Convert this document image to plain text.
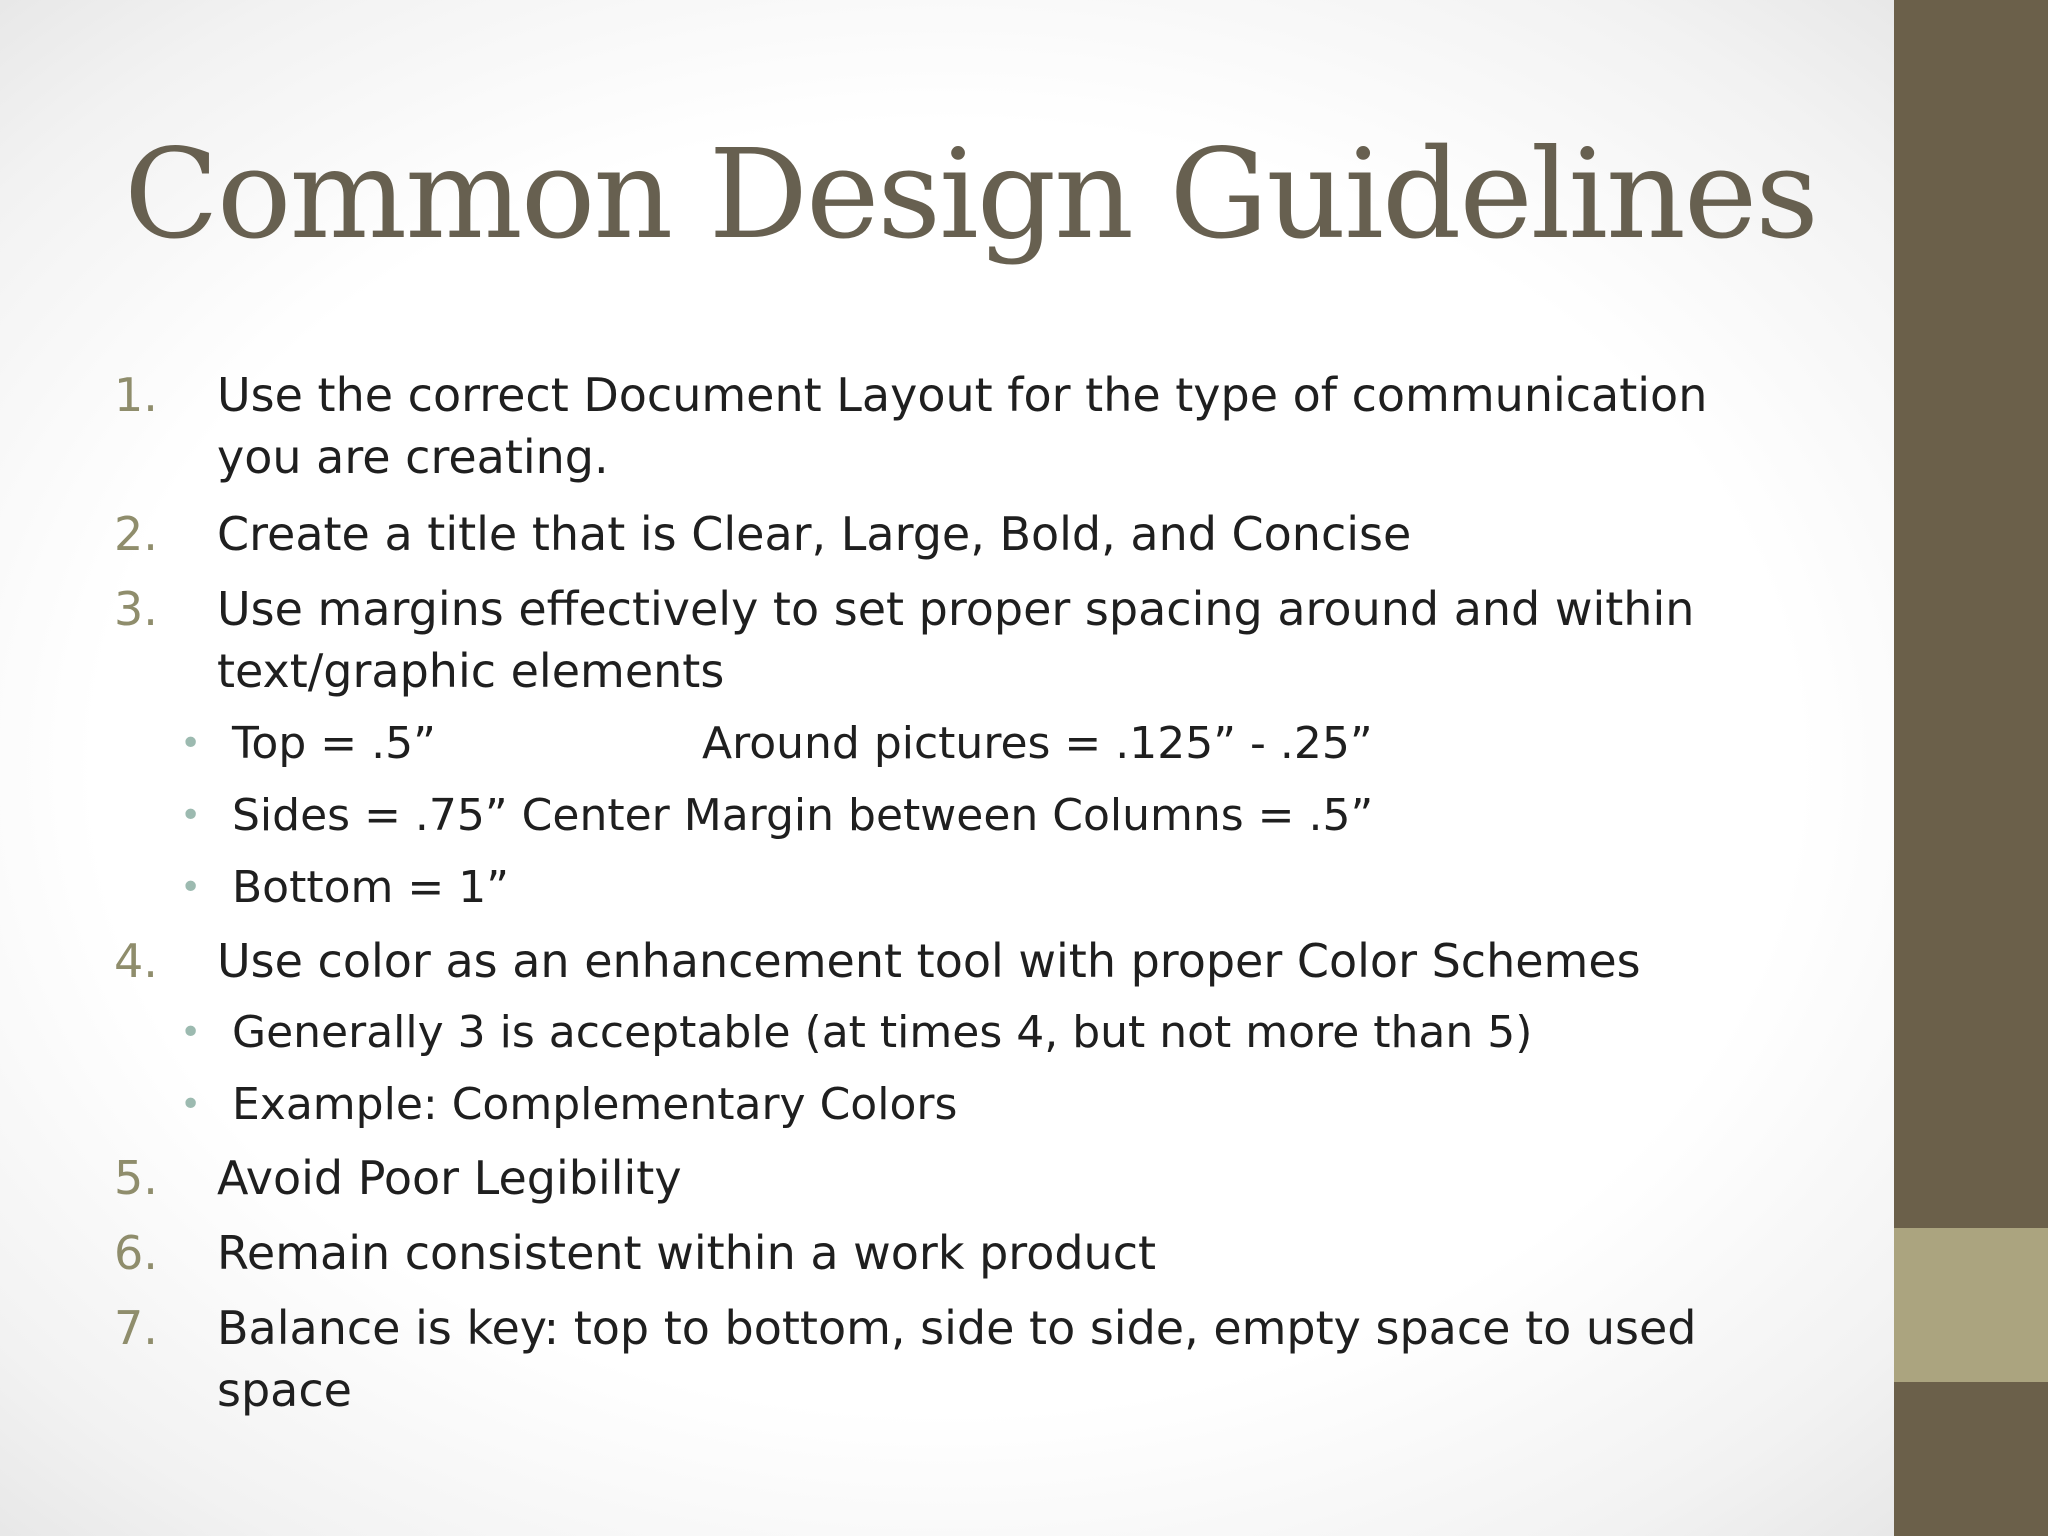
Common Design Guidelines
1.	Use the correct Document Layout for the type of communication you are creating.
2.	Create a title that is Clear, Large, Bold, and Concise
3.	Use margins effectively to set proper spacing around and within text/graphic elements
• Top = .5”	Around pictures = .125” - .25”
• Sides = .75” Center Margin between Columns = .5”
• Bottom = 1”
4.	Use color as an enhancement tool with proper Color Schemes
• Generally 3 is acceptable (at times 4, but not more than 5)
• Example: Complementary Colors
5.	Avoid Poor Legibility
6.	Remain consistent within a work product
7.	Balance is key: top to bottom, side to side, empty space to used space
